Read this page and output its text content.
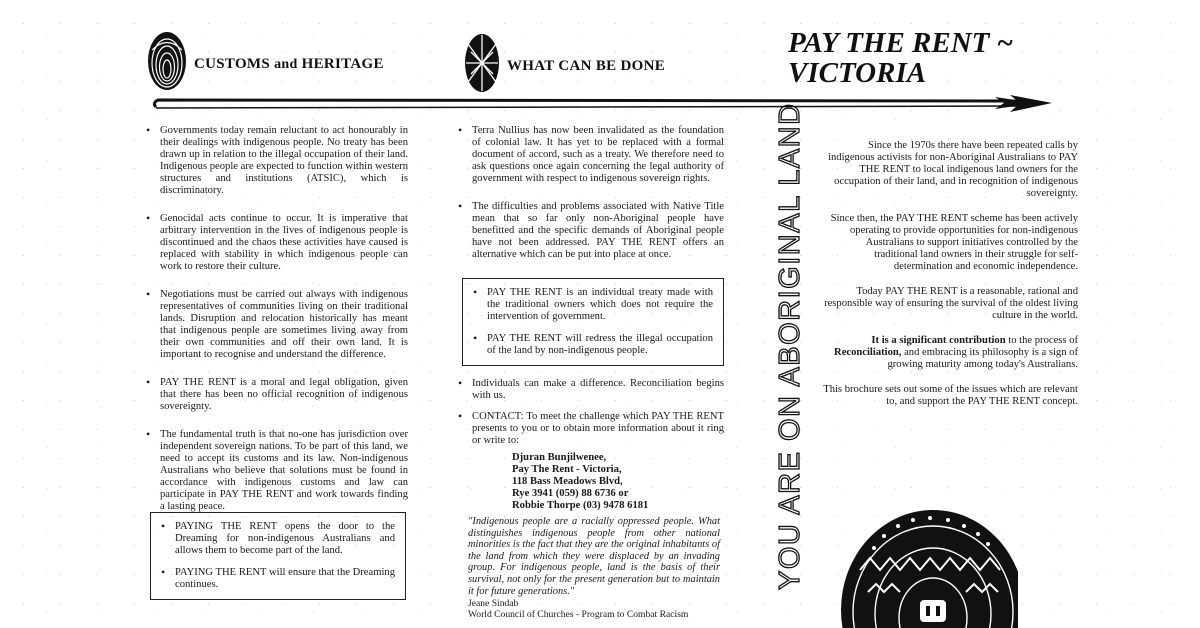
CUSTOMS and HERITAGE	WHAT CAN BE DONE
PAY THE RENT ~
VICTORIA
• Governments today remain reluctant to act honourably in their dealings with indigenous people. No treaty has been drawn up in relation to the illegal occupation of their land. Indigenous people are expected to function within western structures and institutions (ATSIC), which is discriminatory.
• Genocidal acts continue to occur. It is imperative that arbitrary intervention in the lives of indigenous people is discontinued and the chaos these activities have caused is replaced with stability in which indigenous people can work to restore their culture.
• Negotiations must be carried out always with indigenous representatives of communities living on their traditional lands. Disruption and relocation historically has meant that indigenous people are sometimes living away from their own communities and off their own land. It is important to recognise and understand the difference.
• PAY THE RENT is a moral and legal obligation, given that there has been no official recognition of indigenous sovereignty.
• The fundamental truth is that no-one has jurisdiction over independent sovereign nations. To be part of this land, we need to accept its customs and its law. Non-indigenous Australians who believe that solutions must be found in accordance with indigenous customs and law can participate in PAY THE RENT and work towards finding a lasting peace.
• PAYING THE RENT opens the door to the Dreaming for non-indigenous Australians and allows them to become part of the land.
• PAYING THE RENT will ensure that the Dreaming continues.
• Terra Nullius has now been invalidated as the foundation of colonial law. It has yet to be replaced with a formal document of accord, such as a treaty. We therefore need to ask questions once again concerning the legal authority of government with respect to indigenous sovereign rights.
• The difficulties and problems associated with Native Title mean that so far only non-Aboriginal people have benefitted and the specific demands of Aboriginal people have not been addressed. PAY THE RENT offers an alternative which can be put into place at once.
• PAY THE RENT is an individual treaty made with the traditional owners which does not require the intervention of government.
• PAY THE RENT will redress the illegal occupation of the land by non-indigenous people.
• Individuals can make a difference. Reconciliation begins with us.
• CONTACT: To meet the challenge which PAY THE RENT presents to you or to obtain more information about it ring or write to:
Djuran Bunjilwenee,
Pay The Rent - Victoria,
118 Bass Meadows Blvd,
Rye 3941 (059) 88 6736 or
Robbie Thorpe (03) 9478 6181
"Indigenous people are a racially oppressed people. What distinguishes indigenous people from other national minorities is the fact that they are the original inhabitants of the land from which they were displaced by an invading group. For indigenous people, land is the basis of their survival, not only for the present generation but to maintain it for future generations."
Jeane Sindab
World Council of Churches - Program to Combat Racism
YOU ARE ON ABORIGINAL LAND	Since the 1970s there have been repeated calls by indigenous activists for non-Aboriginal Australians to PAY THE RENT to local indigenous land owners for the occupation of their land, and in recognition of indigenous sovereignty.

Since then, the PAY THE RENT scheme has been actively operating to provide opportunities for non-indigenous Australians to support initiatives controlled by the traditional land owners in their struggle for self-determination and economic independence.

Today PAY THE RENT is a reasonable, rational and responsible way of ensuring the survival of the oldest living culture in the world.

It is a significant contribution to the process of Reconciliation, and embracing its philosophy is a sign of growing maturity among today's Australians.

This brochure sets out some of the issues which are relevant to, and support the PAY THE RENT concept.
